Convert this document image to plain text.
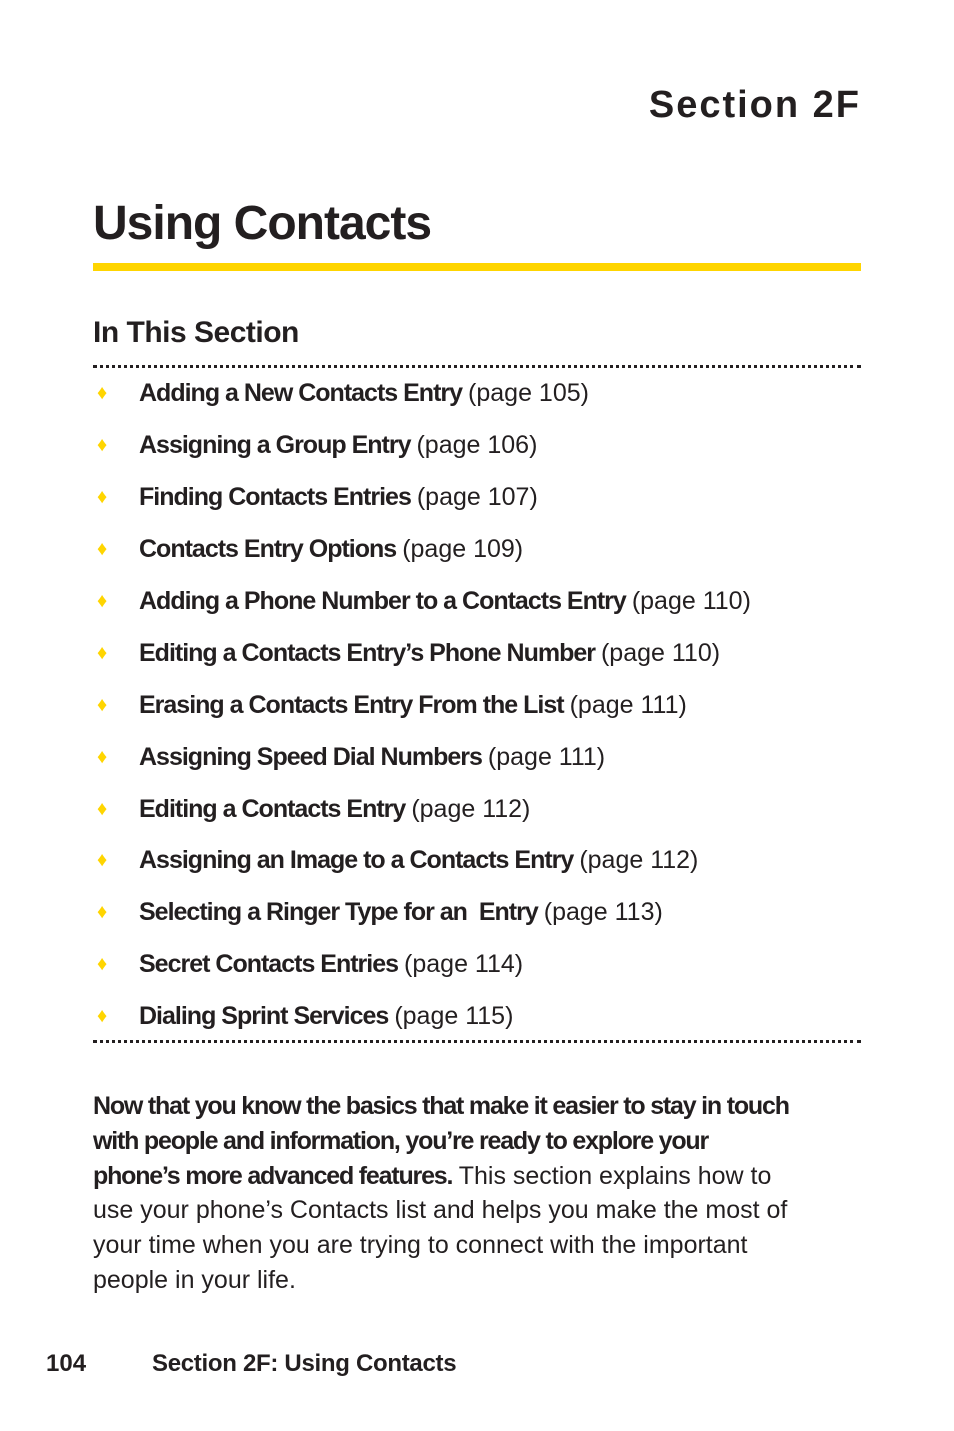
Section 2F
Using Contacts
In This Section
♦	Adding a New Contacts Entry (page 105)
♦	Assigning a Group Entry (page 106)
♦	Finding Contacts Entries (page 107)
♦	Contacts Entry Options (page 109)
♦	Adding a Phone Number to a Contacts Entry (page 110)
♦	Editing a Contacts Entry’s Phone Number (page 110)
♦	Erasing a Contacts Entry From the List (page 111)
♦	Assigning Speed Dial Numbers (page 111)
♦	Editing a Contacts Entry (page 112)
♦	Assigning an Image to a Contacts Entry (page 112)
♦	Selecting a Ringer Type for an  Entry (page 113)
♦	Secret Contacts Entries (page 114)
♦	Dialing Sprint Services (page 115)

Now that you know the basics that make it easier to stay in touch with people and information, you’re ready to explore your phone’s more advanced features. This section explains how to use your phone’s Contacts list and helps you make the most of your time when you are trying to connect with the important people in your life.

104	Section 2F: Using Contacts
